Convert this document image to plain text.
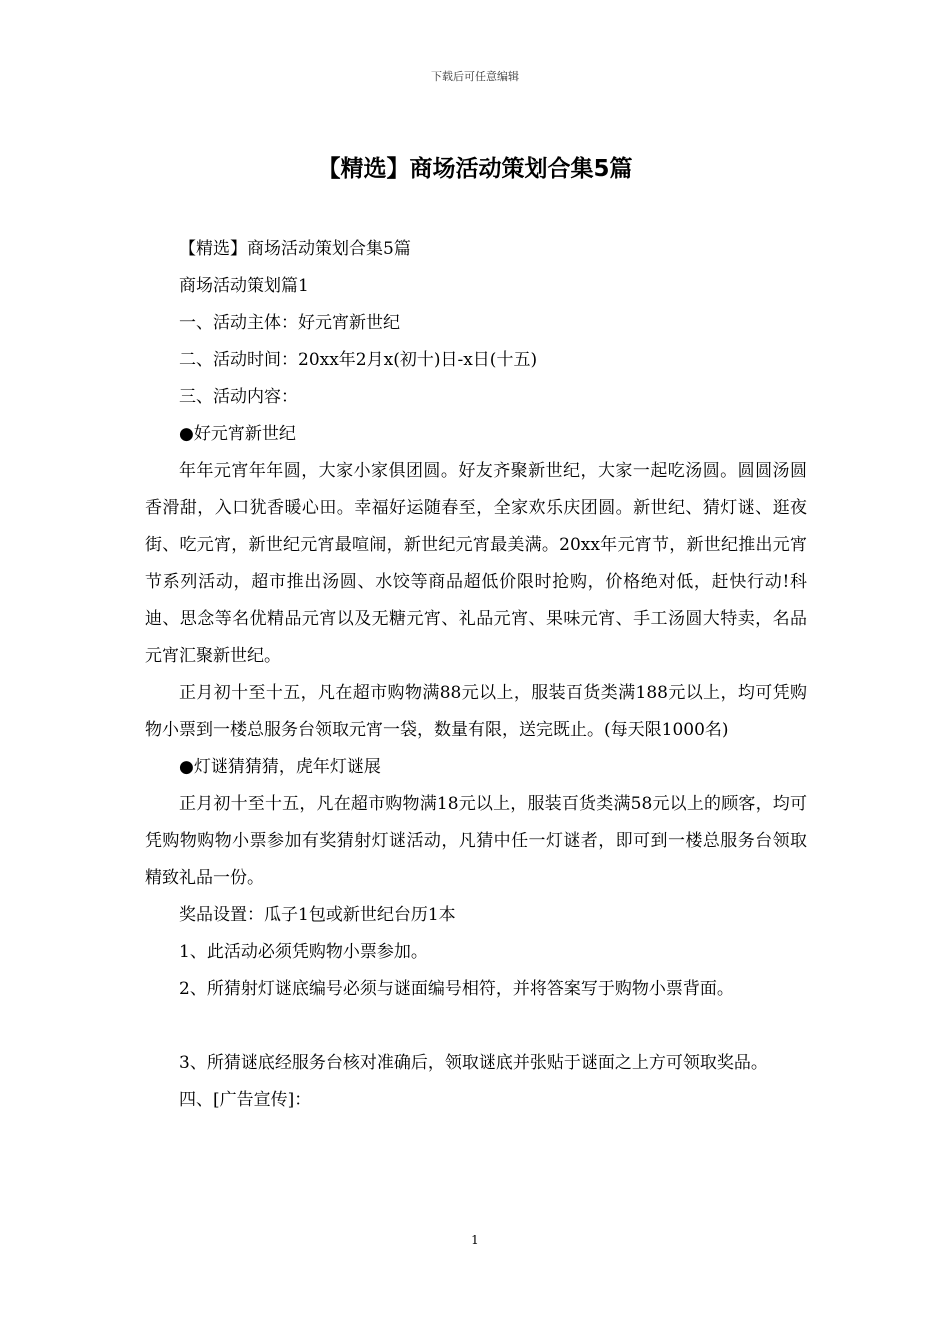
下载后可任意编辑
【精选】商场活动策划合集5篇

【精选】商场活动策划合集5篇

商场活动策划篇1

一、活动主体：好元宵新世纪

二、活动时间：20xx年2月x(初十)日-x日(十五)

三、活动内容：

●好元宵新世纪

年年元宵年年圆，大家小家俱团圆。好友齐聚新世纪，大家一起吃汤圆。圆圆汤圆香滑甜，入口犹香暖心田。幸福好运随春至，全家欢乐庆团圆。新世纪、猜灯谜、逛夜街、吃元宵，新世纪元宵最喧闹，新世纪元宵最美满。20xx年元宵节，新世纪推出元宵节系列活动，超市推出汤圆、水饺等商品超低价限时抢购，价格绝对低，赶快行动!科迪、思念等名优精品元宵以及无糖元宵、礼品元宵、果味元宵、手工汤圆大特卖，名品元宵汇聚新世纪。

正月初十至十五，凡在超市购物满88元以上，服装百货类满188元以上，均可凭购物小票到一楼总服务台领取元宵一袋，数量有限，送完既止。(每天限1000名)

●灯谜猜猜猜，虎年灯谜展

正月初十至十五，凡在超市购物满18元以上，服装百货类满58元以上的顾客，均可凭购物购物小票参加有奖猜射灯谜活动，凡猜中任一灯谜者，即可到一楼总服务台领取精致礼品一份。

奖品设置：瓜子1包或新世纪台历1本

1、此活动必须凭购物小票参加。

2、所猜射灯谜底编号必须与谜面编号相符，并将答案写于购物小票背面。

3、所猜谜底经服务台核对准确后，领取谜底并张贴于谜面之上方可领取奖品。

四、[广告宣传]：

1
